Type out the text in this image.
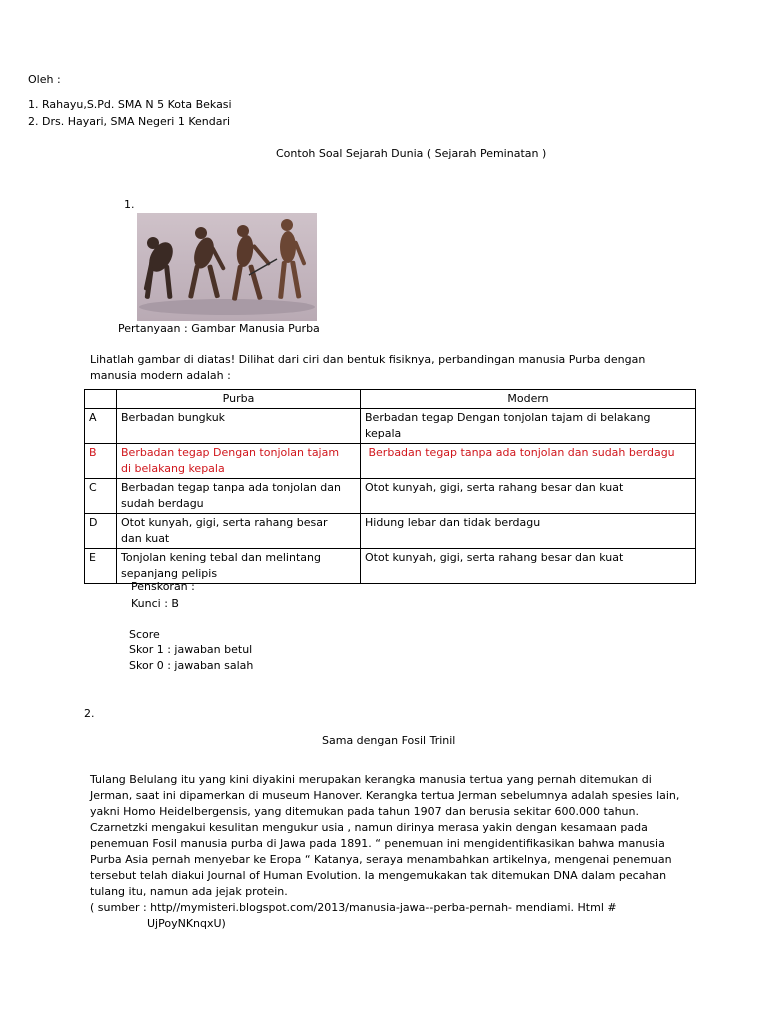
Oleh :
1. Rahayu,S.Pd. SMA N 5 Kota Bekasi
2. Drs. Hayari, SMA Negeri 1 Kendari
Contoh Soal Sejarah Dunia ( Sejarah Peminatan )
1.
Pertanyaan : Gambar Manusia Purba
Lihatlah gambar di diatas! Dilihat dari ciri dan bentuk fisiknya, perbandingan manusia Purba dengan
manusia modern adalah :
	Purba	Modern
A	Berbadan bungkuk	Berbadan tegap Dengan tonjolan tajam di belakang
kepala
B	Berbadan tegap Dengan tonjolan tajam
di belakang kepala	Berbadan tegap tanpa ada tonjolan dan sudah berdagu
C	Berbadan tegap tanpa ada tonjolan dan
sudah berdagu	Otot kunyah, gigi, serta rahang besar dan kuat
D	Otot kunyah, gigi, serta rahang besar
dan kuat	Hidung lebar dan tidak berdagu
E	Tonjolan kening tebal dan melintang
sepanjang pelipis	Otot kunyah, gigi, serta rahang besar dan kuat
Penskoran :
Kunci : B
Score
Skor 1 : jawaban betul
Skor 0 : jawaban salah
2.
Sama dengan Fosil Trinil
Tulang Belulang itu yang kini diyakini merupakan kerangka manusia tertua yang pernah ditemukan di
Jerman, saat ini dipamerkan di museum Hanover. Kerangka tertua Jerman sebelumnya adalah spesies lain,
yakni Homo Heidelbergensis, yang ditemukan pada tahun 1907 dan berusia sekitar 600.000 tahun.
Czarnetzki mengakui kesulitan mengukur usia , namun dirinya merasa yakin dengan kesamaan pada
penemuan Fosil manusia purba di Jawa pada 1891. “ penemuan ini mengidentifikasikan bahwa manusia
Purba Asia pernah menyebar ke Eropa “ Katanya, seraya menambahkan artikelnya, mengenai penemuan
tersebut telah diakui Journal of Human Evolution. Ia mengemukakan tak ditemukan DNA dalam pecahan
tulang itu, namun ada jejak protein.
( sumber : http//mymisteri.blogspot.com/2013/manusia-jawa--perba-pernah- mendiami. Html #
UjPoyNKnqxU)
